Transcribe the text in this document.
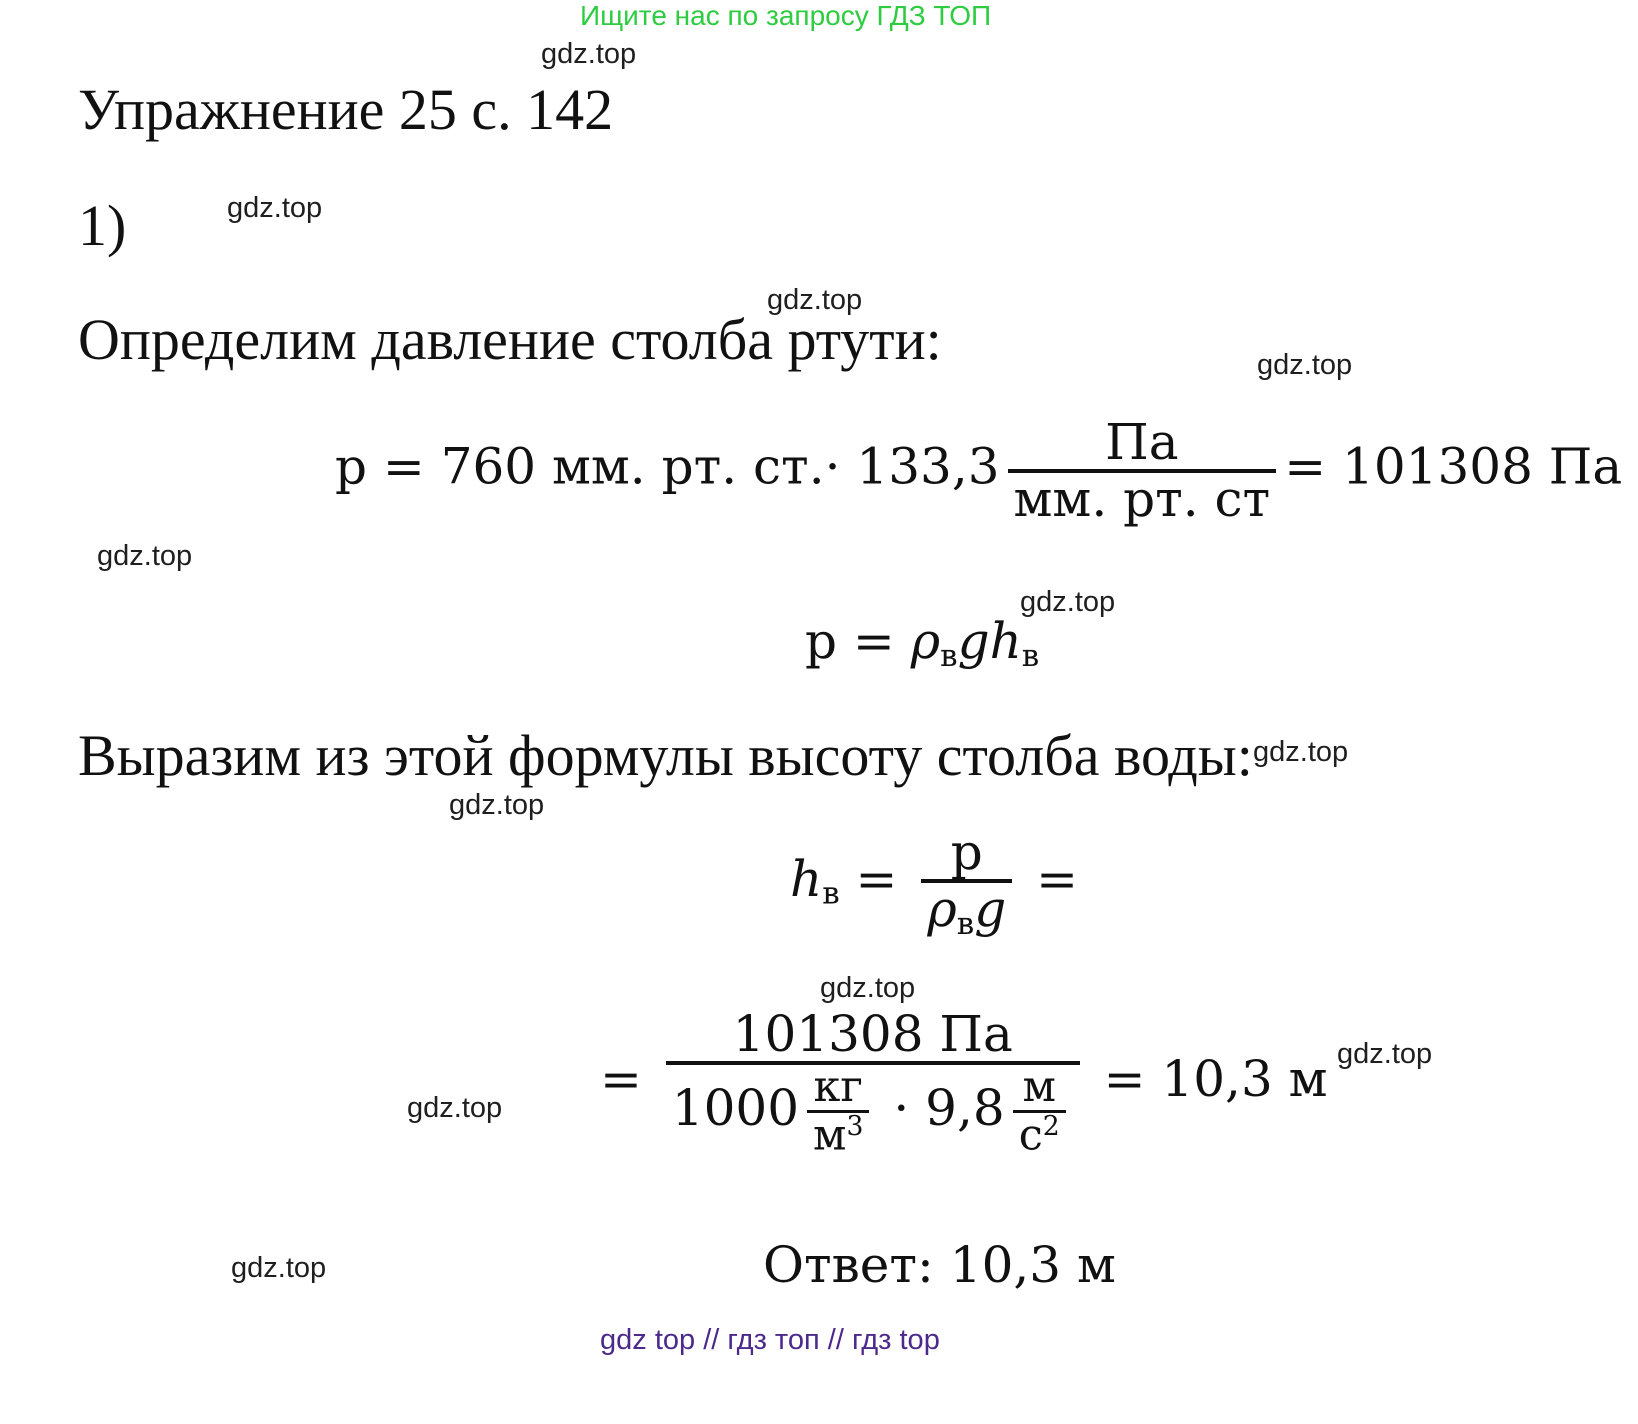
Ищите нас по запросу ГДЗ ТОП
gdz.top
gdz.top
gdz.top
gdz.top
gdz.top
gdz.top
gdz.top
gdz.top
gdz.top
gdz.top
gdz.top
gdz.top
Упражнение 25 с. 142
1)
Определим давление столба ртути:
p = 760 мм. рт. $ст.\cdot 133,3 \frac{Па}{мм. рт. ст} = 101308$ Па
$p = \rho_вgh_в$
Выразим из этой формулы высоту столба воды:
$h_в = \frac{p}{\rho_вg}$ =
= $\frac{101308 Па}{1000 \frac{кг}{м^3} \cdot 9,8 \frac{м}{с^2}} = 10,3$ м
Ответ: 10,3 м
gdz top // гдз топ // гдз top
